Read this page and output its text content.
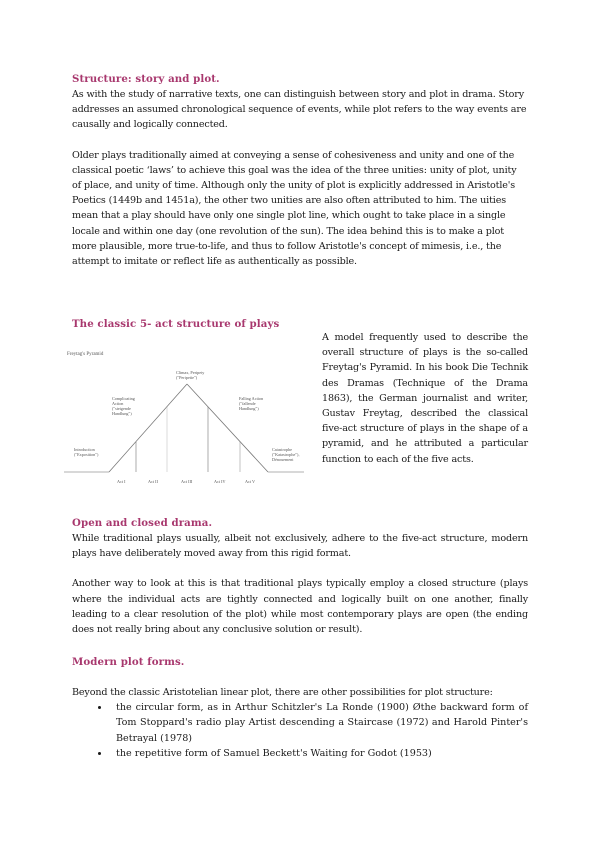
Structure: story and plot.

As with the study of narrative texts, one can distinguish between story and plot in drama. Story addresses an assumed chronological sequence of events, while plot refers to the way events are causally and logically connected.

Older plays traditionally aimed at conveying a sense of cohesiveness and unity and one of the classical poetic ‘laws’ to achieve this goal was the idea of the three unities: unity of plot, unity of place, and unity of time. Although only the unity of plot is explicitly addressed in Aristotle's Poetics (1449b and 1451a), the other two unities are also often attributed to him. The uities mean that a play should have only one single plot line, which ought to take place in a single locale and within one day (one revolution of the sun). The idea behind this is to make a plot more plausible, more true-to-life, and thus to follow Aristotle's concept of mimesis, i.e., the attempt to imitate or reflect life as authentically as possible.

The classic 5- act structure of plays
Freytag's Pyramid
Climax, Peripety
("Peripetie")
Complicating
Action
("steigende
Handlung")
Falling Action
("fallende
Handlung")
Introduction
("Exposition")
Catastrophe
("Katastrophe"),
Dénouement
Act I	Act II	Act III	Act IV	Act V

A model frequently used to describe the overall structure of plays is the so-called Freytag's Pyramid. In his book Die Technik des Dramas (Technique of the Drama 1863), the German journalist and writer, Gustav Freytag, described the classical five-act structure of plays in the shape of a pyramid, and he attributed a particular function to each of the five acts.

Open and closed drama.

While traditional plays usually, albeit not exclusively, adhere to the five-act structure, modern plays have deliberately moved away from this rigid format.

Another way to look at this is that traditional plays typically employ a closed structure (plays where the individual acts are tightly connected and logically built on one another, finally leading to a clear resolution of the plot) while most contemporary plays are open (the ending does not really bring about any conclusive solution or result).

Modern plot forms.

Beyond the classic Aristotelian linear plot, there are other possibilities for plot structure:

• the circular form, as in Arthur Schitzler's La Ronde (1900) Øthe backward form of Tom Stoppard's radio play Artist descending a Staircase (1972) and Harold Pinter's Betrayal (1978)
• the repetitive form of Samuel Beckett's Waiting for Godot (1953)
